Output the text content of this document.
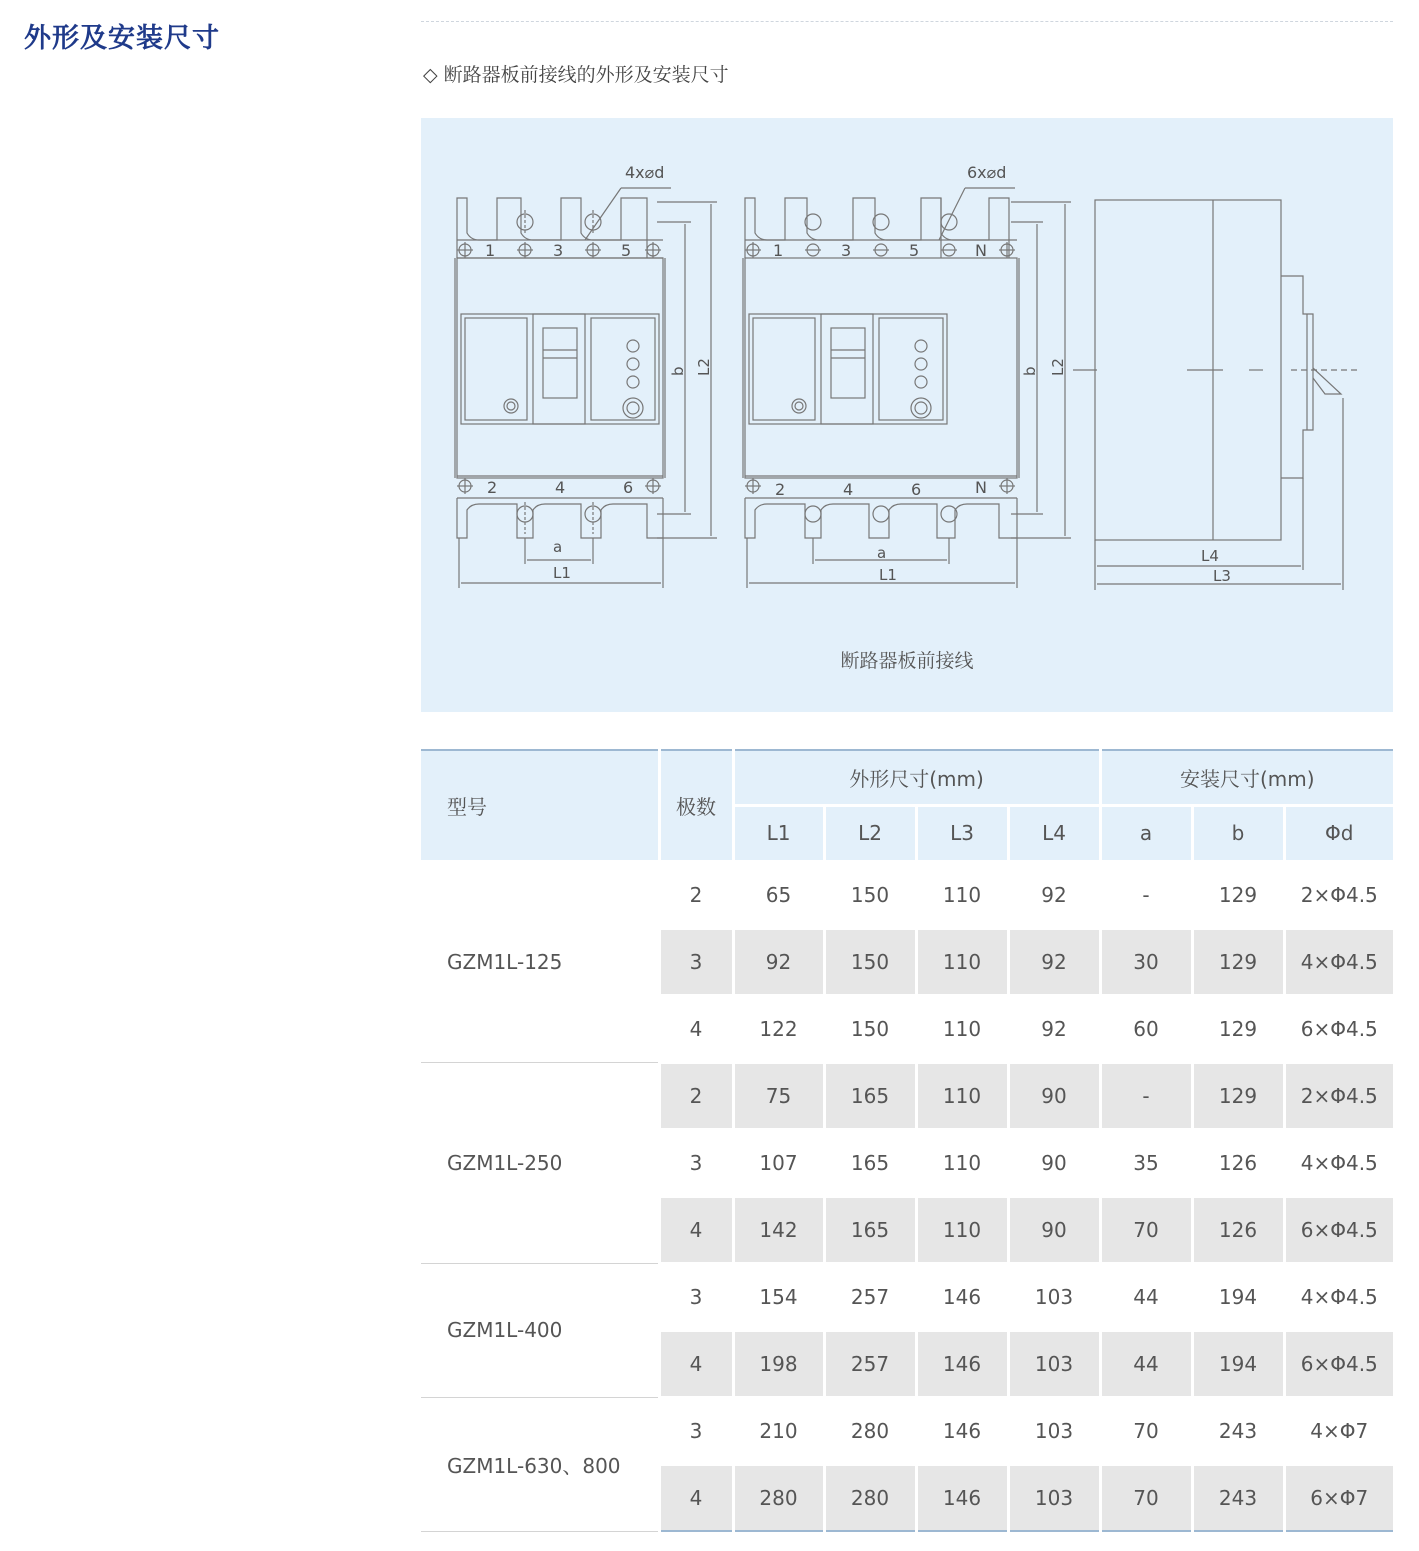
外形及安装尺寸
◇ 断路器板前接线的外形及安装尺寸
4x⌀d
1	3	5
2	4	6
a
L1
b L2
6x⌀d
1	3	5	N
2	4	6	N
a
L1
b L2
L4
L3
断路器板前接线
型号	极数	外形尺寸(mm)				安装尺寸(mm)		
		L1	L2	L3	L4	a	b	Φd
GZM1L-125	2	65	150	110	92	-	129	2×Φ4.5
	3	92	150	110	92	30	129	4×Φ4.5
	4	122	150	110	92	60	129	6×Φ4.5
GZM1L-250	2	75	165	110	90	-	129	2×Φ4.5
	3	107	165	110	90	35	126	4×Φ4.5
	4	142	165	110	90	70	126	6×Φ4.5
GZM1L-400	3	154	257	146	103	44	194	4×Φ4.5
	4	198	257	146	103	44	194	6×Φ4.5
GZM1L-630、800	3	210	280	146	103	70	243	4×Φ7
	4	280	280	146	103	70	243	6×Φ7
